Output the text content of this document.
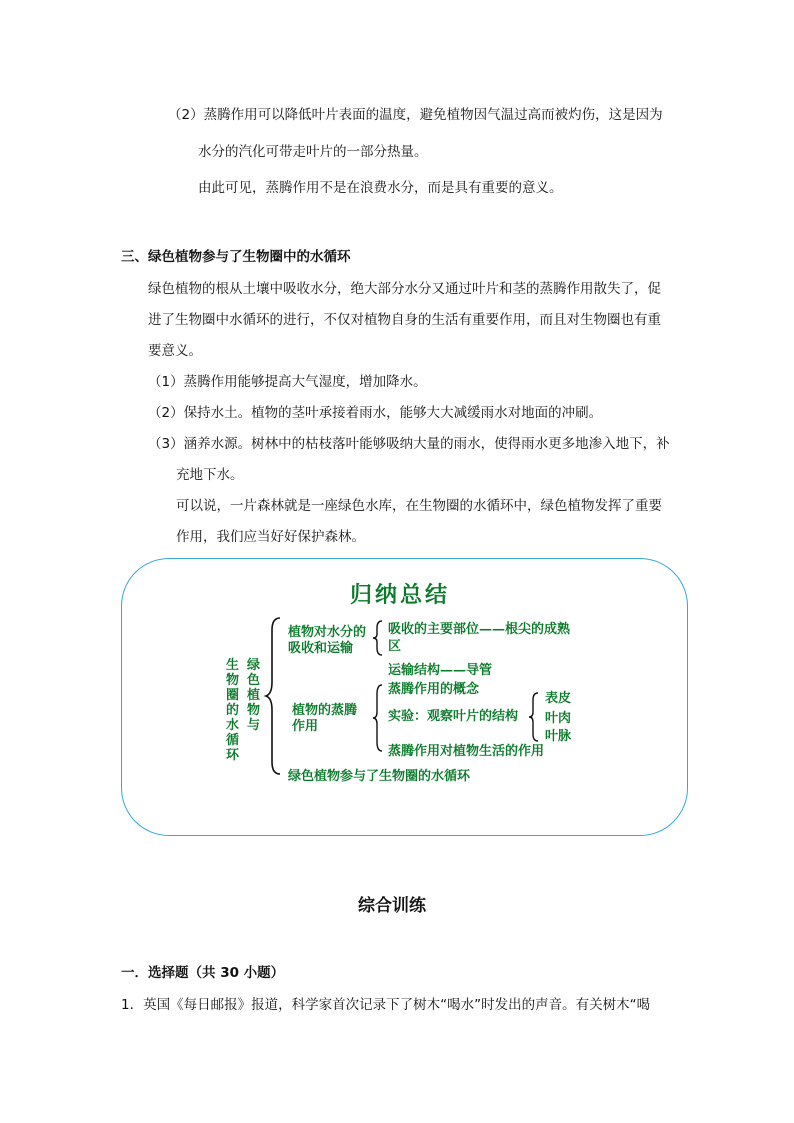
（2）蒸腾作用可以降低叶片表面的温度，避免植物因气温过高而被灼伤，这是因为
水分的汽化可带走叶片的一部分热量。
由此可见，蒸腾作用不是在浪费水分，而是具有重要的意义。
三、绿色植物参与了生物圈中的水循环
绿色植物的根从土壤中吸收水分，绝大部分水分又通过叶片和茎的蒸腾作用散失了，促
进了生物圈中水循环的进行，不仅对植物自身的生活有重要作用，而且对生物圈也有重
要意义。
（1）蒸腾作用能够提高大气湿度，增加降水。
（2）保持水土。植物的茎叶承接着雨水，能够大大减缓雨水对地面的冲刷。
（3）涵养水源。树林中的枯枝落叶能够吸纳大量的雨水，使得雨水更多地渗入地下，补
充地下水。
可以说，一片森林就是一座绿色水库，在生物圈的水循环中，绿色植物发挥了重要
作用，我们应当好好保护森林。
归纳总结
生物圈的水循环
绿色植物与
植物对水分的
吸收和运输
吸收的主要部位——根尖的成熟
区
运输结构——导管
植物的蒸腾
作用
蒸腾作用的概念
实验：观察叶片的结构
蒸腾作用对植物生活的作用
表皮
叶肉
叶脉
绿色植物参与了生物圈的水循环
综合训练
一．选择题（共 30 小题）
1．英国《每日邮报》报道，科学家首次记录下了树木“喝水”时发出的声音。有关树木“喝
